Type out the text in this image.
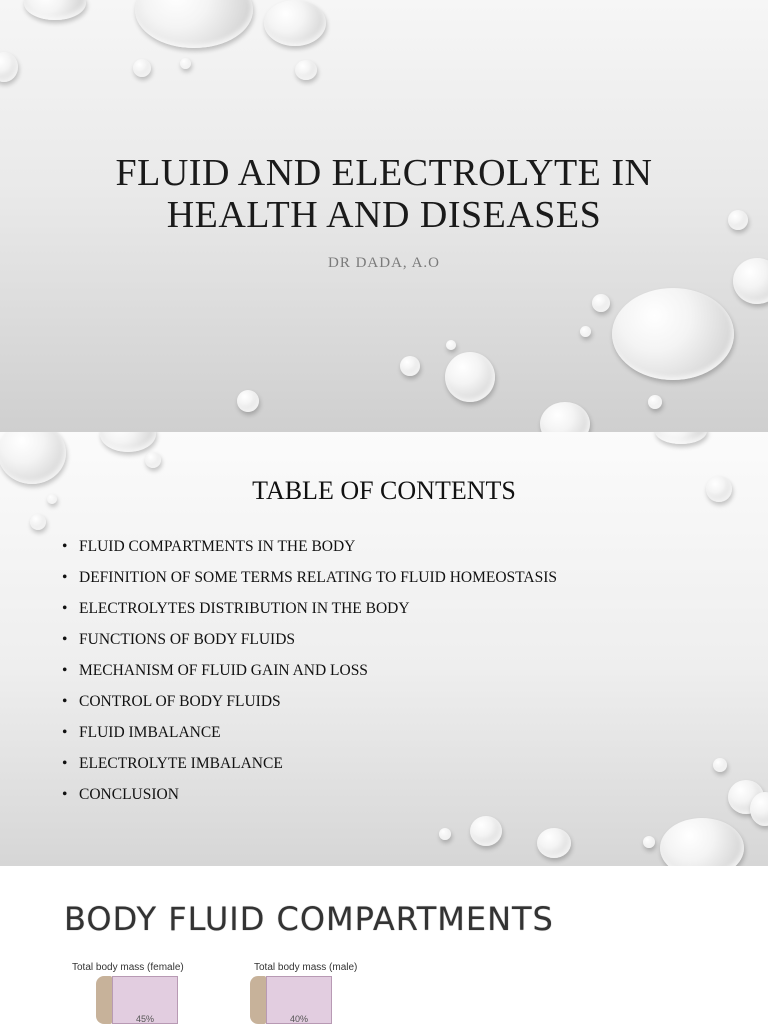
FLUID AND ELECTROLYTE IN
HEALTH AND DISEASES
DR DADA, A.O
TABLE OF CONTENTS
• FLUID COMPARTMENTS IN THE BODY
• DEFINITION OF SOME TERMS RELATING TO FLUID HOMEOSTASIS
• ELECTROLYTES DISTRIBUTION IN THE BODY
• FUNCTIONS OF BODY FLUIDS
• MECHANISM OF FLUID GAIN AND LOSS
• CONTROL OF BODY FLUIDS
• FLUID IMBALANCE
• ELECTROLYTE IMBALANCE
• CONCLUSION
BODY FLUID COMPARTMENTS
Total body mass (female)	Total body mass (male)
45%	40%
